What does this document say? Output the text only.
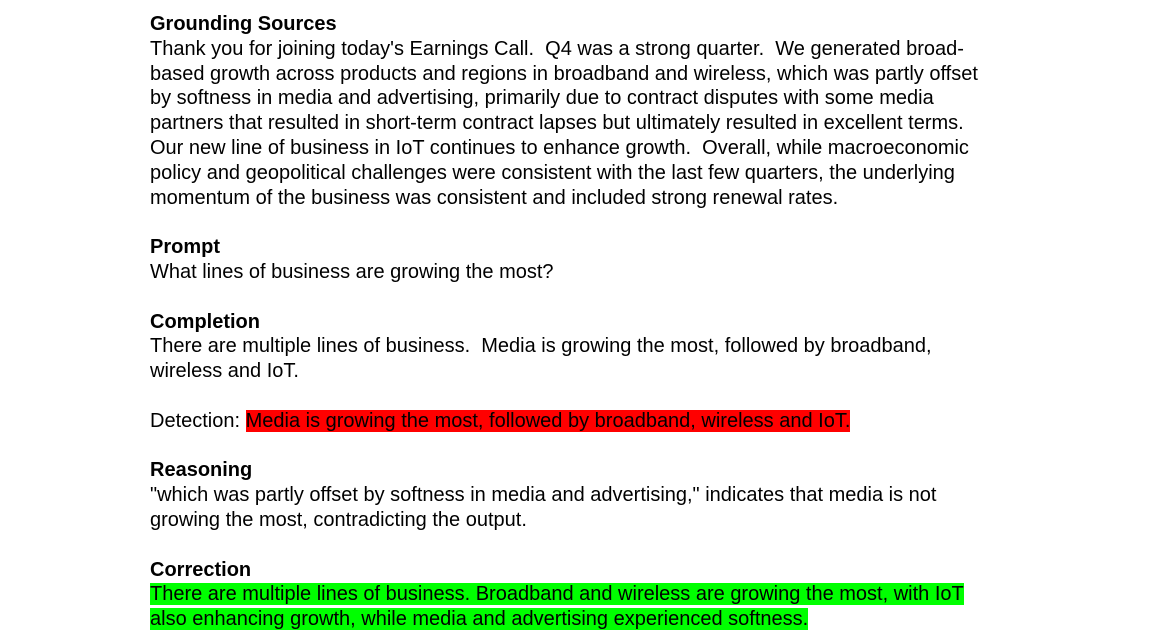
Grounding Sources
Thank you for joining today's Earnings Call.  Q4 was a strong quarter.  We generated broad-
based growth across products and regions in broadband and wireless, which was partly offset
by softness in media and advertising, primarily due to contract disputes with some media
partners that resulted in short-term contract lapses but ultimately resulted in excellent terms.
Our new line of business in IoT continues to enhance growth.  Overall, while macroeconomic
policy and geopolitical challenges were consistent with the last few quarters, the underlying
momentum of the business was consistent and included strong renewal rates.
Prompt
What lines of business are growing the most?
Completion
There are multiple lines of business.  Media is growing the most, followed by broadband,
wireless and IoT.
Detection: Media is growing the most, followed by broadband, wireless and IoT.
Reasoning
"which was partly offset by softness in media and advertising," indicates that media is not
growing the most, contradicting the output.
Correction
There are multiple lines of business. Broadband and wireless are growing the most, with IoT
also enhancing growth, while media and advertising experienced softness.
